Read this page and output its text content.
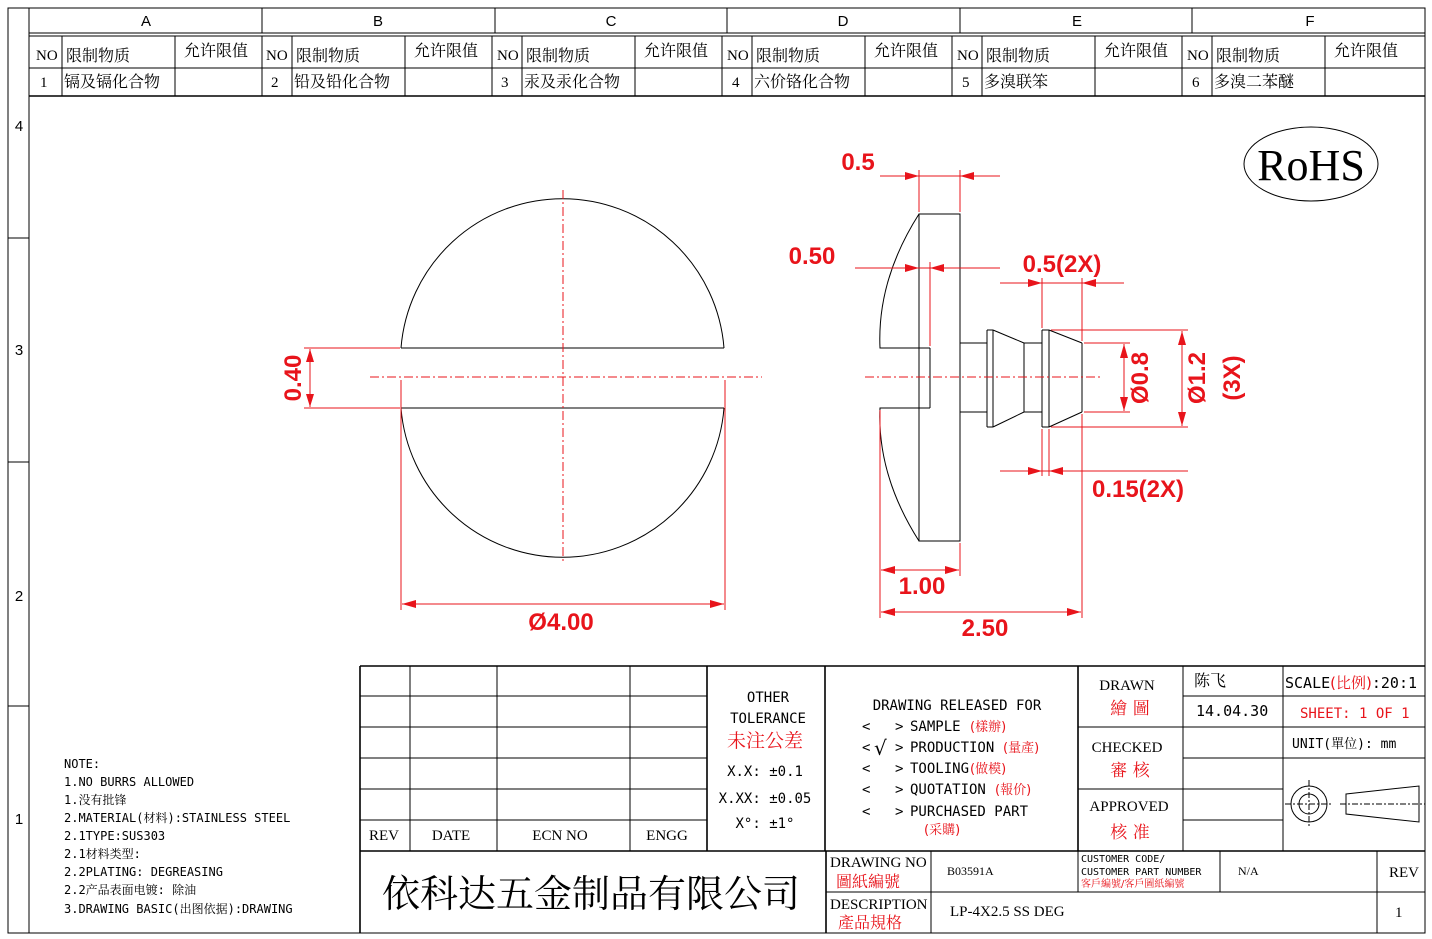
A	B	C	D	E	F
4
3
2
1
NO 限制物质	允许限值 NO 限制物质	允许限值 NO 限制物质	允许限值 NO 限制物质	允许限值 NO 限制物质	允许限值 NO 限制物质	允许限值
1 镉及镉化合物	2 铅及铅化合物	3 汞及汞化合物	4 六价铬化合物	5 多溴联笨	6 多溴二苯醚
RoHS
0.40
Ø4.00
0.5
0.50	0.5(2X)
Ø0.8 Ø1.2 (3X)
0.15(2X)
1.00
2.50
NOTE:
1.NO BURRS ALLOWED
1.没有批锋
2.MATERIAL(材料):STAINLESS STEEL
2.1TYPE:SUS303
2.1材料类型:
2.2PLATING: DEGREASING
2.2产品表面电镀: 除油
3.DRAWING BASIC(出图依据):DRAWING
REV DATE	ECN NO	ENGG
OTHER
TOLERANCE
未注公差
X.X: ±0.1
X.XX: ±0.05
X°: ±1°
DRAWING RELEASED FOR
< > SAMPLE (樣辦)
< √ > PRODUCTION (量產)
< > TOOLING (做模)
< > QUOTATION (報价)
< > PURCHASED PART
(采購)
DRAWN
繪 圖
陈飞
14.04.30
CHECKED
審 核
APPROVED
核 准
SCALE(比例):20:1
SHEET: 1 OF 1
UNIT(單位): mm
依科达五金制品有限公司
DRAWING NO
圖紙編號
B03591A
CUSTOMER CODE/
CUSTOMER PART NUMBER
客戶編號/客戶圖紙編號
N/A	REV
DESCRIPTION
產品規格
LP-4X2.5 SS DEG	1
